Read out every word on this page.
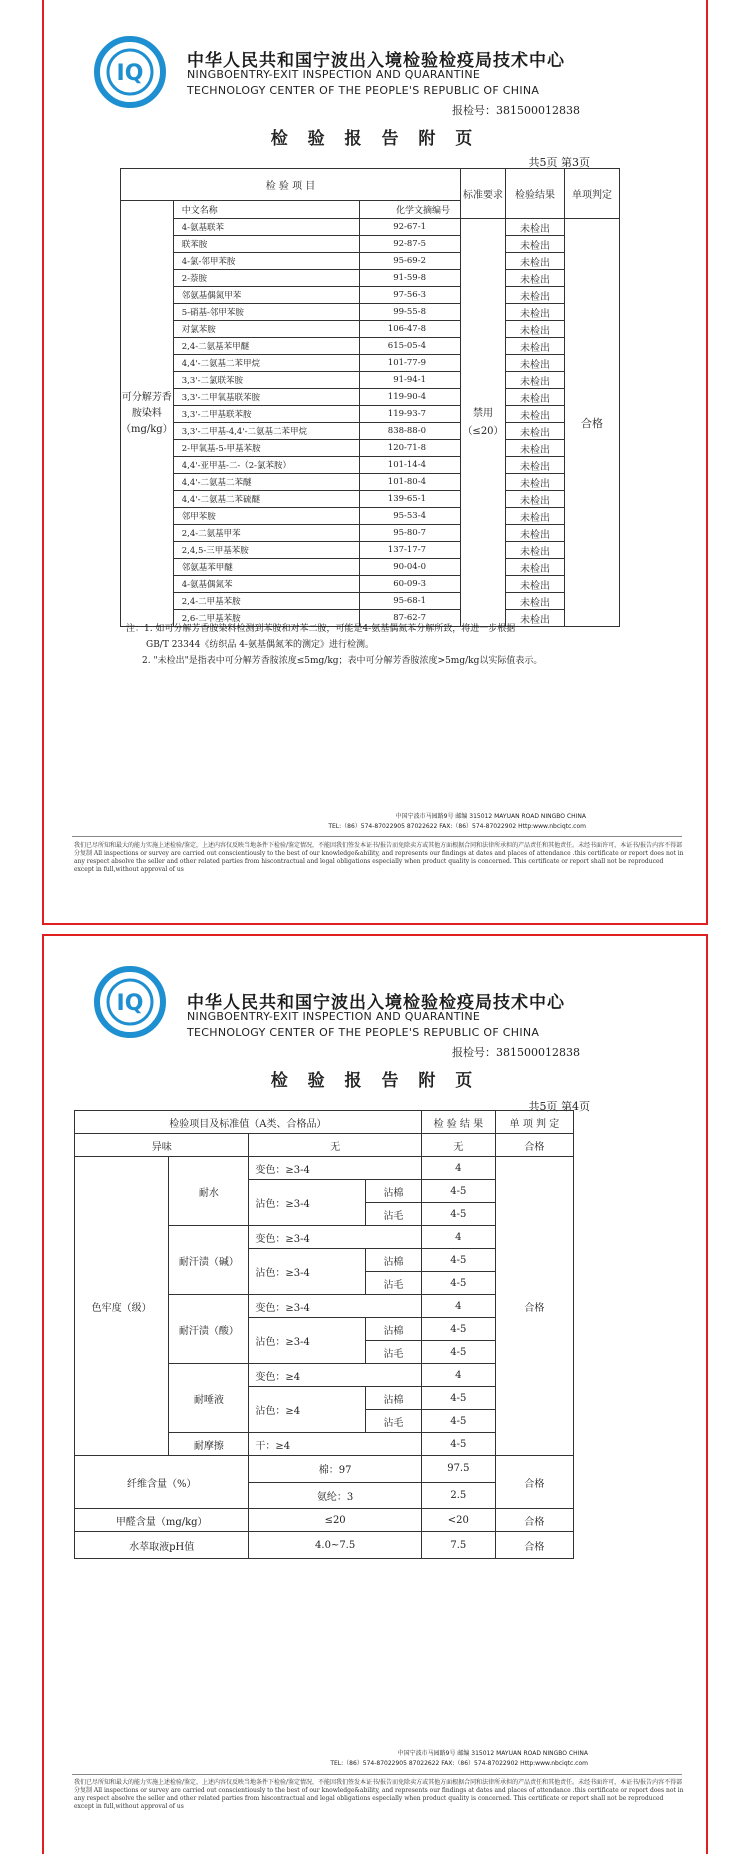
IQ	中华人民共和国宁波出入境检验检疫局技术中心
NINGBOENTRY-EXIT INSPECTION AND QUARANTINE
TECHNOLOGY CENTER OF THE PEOPLE'S REPUBLIC OF CHINA
报检号：381500012838
检 验 报 告 附 页
共5页 第3页
检 验 项 目			标准要求	检验结果	单项判定

可分解芳香胺染料（mg/kg）	中文名称	化学文摘编号			
	4-氨基联苯	92-67-1	禁用（≤20）	未检出	合格
	联苯胺	92-87-5		未检出	
	4-氯-邻甲苯胺	95-69-2		未检出	
	2-萘胺	91-59-8		未检出	
	邻氨基偶氮甲苯	97-56-3		未检出	
	5-硝基-邻甲苯胺	99-55-8		未检出	
	对氯苯胺	106-47-8		未检出	
	2,4-二氨基苯甲醚	615-05-4		未检出	
	4,4'-二氨基二苯甲烷	101-77-9		未检出	
	3,3'-二氯联苯胺	91-94-1		未检出	
	3,3'-二甲氧基联苯胺	119-90-4		未检出	
	3,3'-二甲基联苯胺	119-93-7		未检出	
	3,3'-二甲基-4,4'-二氨基二苯甲烷	838-88-0		未检出	
	2-甲氧基-5-甲基苯胺	120-71-8		未检出	
	4,4'-亚甲基-二-（2-氯苯胺）	101-14-4		未检出	
	4,4'-二氨基二苯醚	101-80-4		未检出	
	4,4'-二氨基二苯硫醚	139-65-1		未检出	
	邻甲苯胺	95-53-4		未检出	
	2,4-二氨基甲苯	95-80-7		未检出	
	2,4,5-三甲基苯胺	137-17-7		未检出	
	邻氨基苯甲醚	90-04-0		未检出	
	4-氨基偶氮苯	60-09-3		未检出	
	2,4-二甲基苯胺	95-68-1		未检出	
	2,6-二甲基苯胺	87-62-7		未检出	
注：1. 如可分解芳香胺染料检测到苯胺和对苯二胺，可能是4-氨基偶氮苯分解所致，将进一步根据
GB/T 23344《纺织品 4-氨基偶氮苯的测定》进行检测。
2. "未检出"是指表中可分解芳香胺浓度≤5mg/kg；表中可分解芳香胺浓度>5mg/kg以实际值表示。
中国宁波市马园路9号 邮编 315012 MAYUAN ROAD NINGBO CHINA
TEL:（86）574-87022905 87022622 FAX:（86）574-87022902 Http:www.nbciqtc.com
我们已尽所知和最大的能力实施上述检验/鉴定，上述内容仅反映当地条件下检验/鉴定情况，不能因我们签发本证书/报告而免除卖方或其他方面根据合同和法律所承担的产品责任和其他责任。未经书面许可，本证书/报告内容不得部分复制 All inspections or survey are carried out conscientiously to the best of our knowledge&ability, and represents our findings at dates and places of attendance .this certificate or report does not in any respect absolve the seller and other related parties from hiscontractual and legal obligations especially when product quality is concerned. This certificate or report shall not be reproduced except in full,without approval of us
IQ	中华人民共和国宁波出入境检验检疫局技术中心
NINGBOENTRY-EXIT INSPECTION AND QUARANTINE
TECHNOLOGY CENTER OF THE PEOPLE'S REPUBLIC OF CHINA
报检号：381500012838
检 验 报 告 附 页
共5页 第4页
检验项目及标准值（A类、合格品）				检 验 结 果	单 项 判 定
异味		无		无	合格
色牢度（级）	耐水	变色：≥3-4		4	合格
		沾色：≥3-4	沾棉	4-5	
			沾毛	4-5	
	耐汗渍（碱）	变色：≥3-4		4	
		沾色：≥3-4	沾棉	4-5	
			沾毛	4-5	
	耐汗渍（酸）	变色：≥3-4		4	
		沾色：≥3-4	沾棉	4-5	
			沾毛	4-5	
	耐唾液	变色：≥4		4	
		沾色：≥4	沾棉	4-5	
			沾毛	4-5	
	耐摩擦	干：≥4		4-5	
纤维含量（%）		棉：97		97.5	合格
		氨纶：3		2.5	
甲醛含量（mg/kg）		≤20		<20	合格
水萃取液pH值		4.0~7.5		7.5	合格
中国宁波市马园路9号 邮编 315012 MAYUAN ROAD NINGBO CHINA
TEL:（86）574-87022905 87022622 FAX:（86）574-87022902 Http:www.nbciqtc.com
我们已尽所知和最大的能力实施上述检验/鉴定，上述内容仅反映当地条件下检验/鉴定情况，不能因我们签发本证书/报告而免除卖方或其他方面根据合同和法律所承担的产品责任和其他责任。未经书面许可，本证书/报告内容不得部分复制 All inspections or survey are carried out conscientiously to the best of our knowledge&ability, and represents our findings at dates and places of attendance .this certificate or report does not in any respect absolve the seller and other related parties from hiscontractual and legal obligations especially when product quality is concerned. This certificate or report shall not be reproduced except in full,without approval of us
